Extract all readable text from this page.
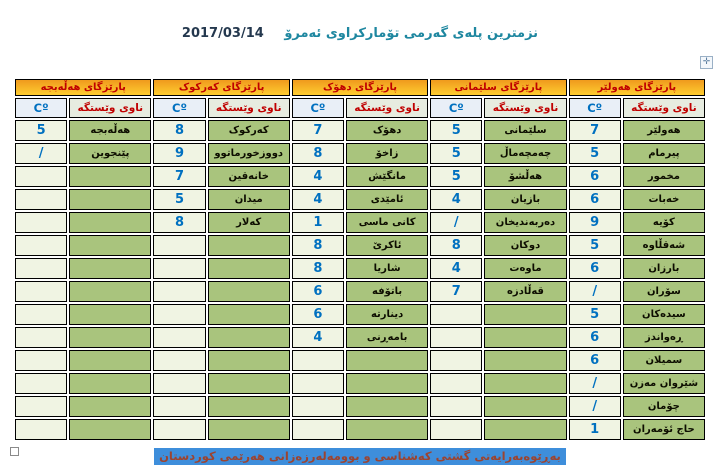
نزمترین پلەی گەرمی تۆمارکراوی ئەمرۆ 2017/03/14
✛
پارێزگای هەولێر		پارێزگای سلێمانی		پارێزگای دهۆک		پارێزگای کەرکوک		پارێزگای هەڵەبجە	
ناوی وێستگە	Cº	ناوی وێستگە	Cº	ناوی وێستگە	Cº	ناوی وێستگە	Cº	ناوی وێستگە	Cº
هەولێر	7	سلێمانی	5	دهۆک	7	کەرکوک	8	هەڵەبجە	5
پیرمام	5	چەمچەماڵ	5	زاخۆ	8	دووزخورماتوو	9	پێنجوین	/
مخمور	6	هەڵشۆ	5	مانگێش	4	خانەقین	7		
خەبات	6	بازیان	4	ئامێدی	4	میدان	5		
کۆیە	9	دەربەندیخان	/	کانی ماسی	1	کەلار	8		
شەقڵاوە	5	دوکان	8	ئاکرێ	8				
بارزان	6	ماوەت	4	شاریا	8				
سۆران	/	قەڵادزە	7	باتۆفە	6				
سیدەکان	5			دینارتە	6				
ڕەواندز	6			بامەڕنی	4				
سمیلان	6								
شێروان مەزن	/								
چۆمان	/								
حاج ئۆمەران	1								
بەڕێوەبەرایەتی گشتی کەشناسی و بوومەلەرزەزانی هەرێمی کوردستان
